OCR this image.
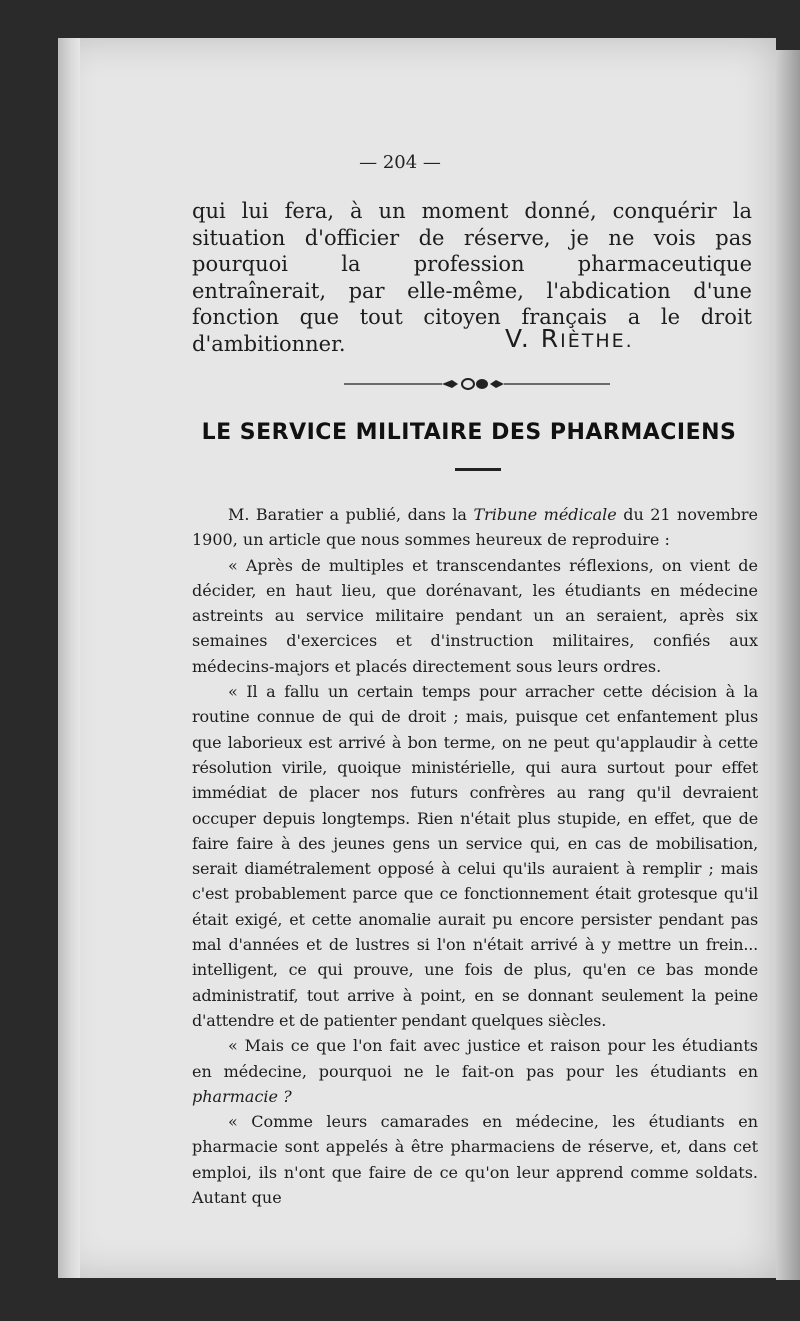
— 204 —
qui lui fera, à un moment donné, conquérir la situation d'officier de réserve, je ne vois pas pourquoi la profession pharmaceutique entraînerait, par elle-même, l'abdication d'une fonction que tout citoyen français a le droit d'ambitionner.	V. RIÈTHE.
LE SERVICE MILITAIRE DES PHARMACIENS

M. Baratier a publié, dans la Tribune médicale du 21 novembre 1900, un article que nous sommes heureux de reproduire :

« Après de multiples et transcendantes réflexions, on vient de décider, en haut lieu, que dorénavant, les étudiants en médecine astreints au service militaire pendant un an seraient, après six semaines d'exercices et d'instruction militaires, confiés aux médecins-majors et placés directement sous leurs ordres.

« Il a fallu un certain temps pour arracher cette décision à la routine connue de qui de droit ; mais, puisque cet enfantement plus que laborieux est arrivé à bon terme, on ne peut qu'applaudir à cette résolution virile, quoique ministérielle, qui aura surtout pour effet immédiat de placer nos futurs confrères au rang qu'il devraient occuper depuis longtemps. Rien n'était plus stupide, en effet, que de faire faire à des jeunes gens un service qui, en cas de mobilisation, serait diamétralement opposé à celui qu'ils auraient à remplir ; mais c'est probablement parce que ce fonctionnement était grotesque qu'il était exigé, et cette anomalie aurait pu encore persister pendant pas mal d'années et de lustres si l'on n'était arrivé à y mettre un frein... intelligent, ce qui prouve, une fois de plus, qu'en ce bas monde administratif, tout arrive à point, en se donnant seulement la peine d'attendre et de patienter pendant quelques siècles.

« Mais ce que l'on fait avec justice et raison pour les étudiants en médecine, pourquoi ne le fait-on pas pour les étudiants en pharmacie ?

« Comme leurs camarades en médecine, les étudiants en pharmacie sont appelés à être pharmaciens de réserve, et, dans cet emploi, ils n'ont que faire de ce qu'on leur apprend comme soldats. Autant que
